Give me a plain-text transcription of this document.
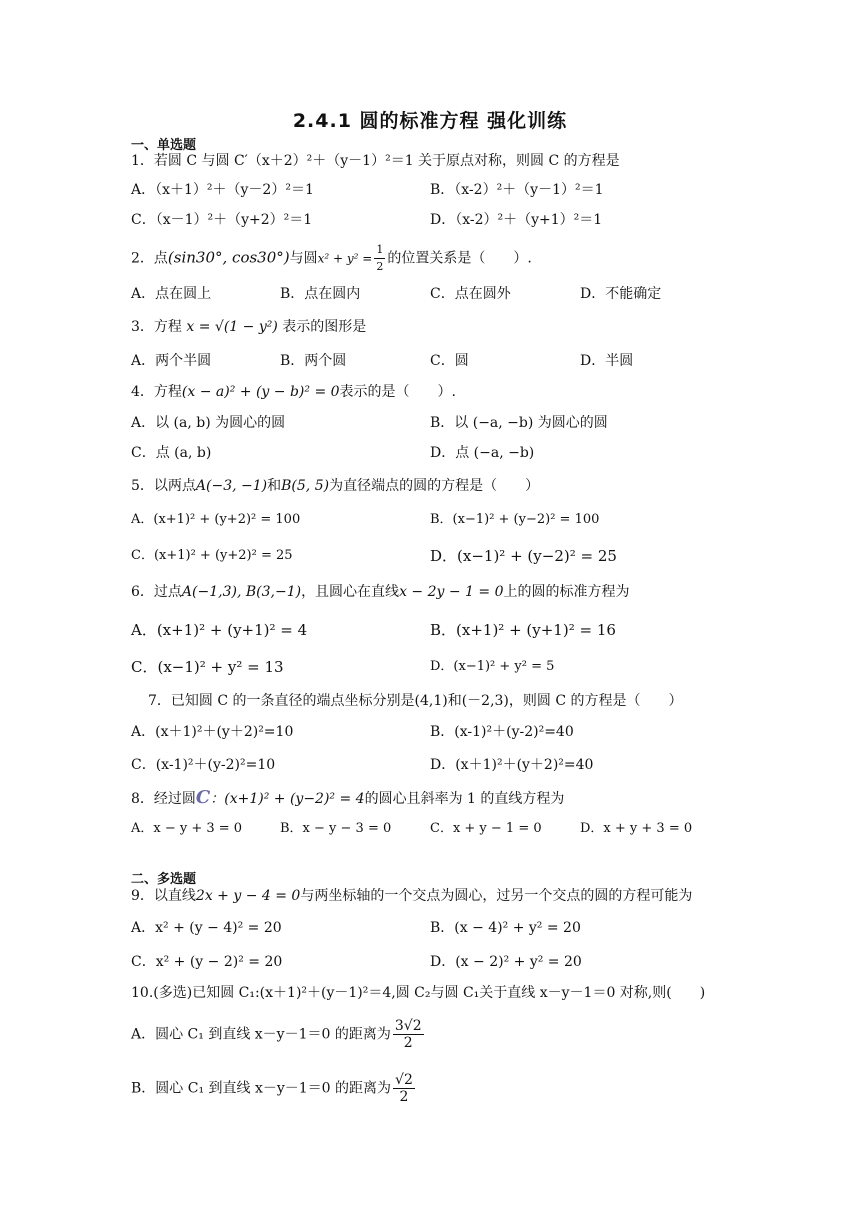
2.4.1 圆的标准方程 强化训练
一、单选题
1．若圆 C 与圆 C′（x＋2）²＋（y－1）²＝1 关于原点对称，则圆 C 的方程是
A．（x＋1）²＋（y－2）²＝1	B．（x-2）²＋（y－1）²＝1
C．（x－1）²＋（y+2）²＝1	D．（x-2）²＋（y+1）²＝1
2．点(sin30°, cos30°)与圆$x^2 + y^2 = \frac{1}{2}$ 的位置关系是（　　）.
A．点在圆上	B．点在圆内	C．点在圆外	D．不能确定
3．方程 x = √(1 − y²) 表示的图形是
A．两个半圆	B．两个圆	C．圆	D．半圆
4．方程(x − a)² + (y − b)² = 0表示的是（　　）.
A．以 (a, b) 为圆心的圆	B．以 (−a, −b) 为圆心的圆
C．点 (a, b)	D．点 (−a, −b)
5．以两点A(−3, −1)和B(5, 5)为直径端点的圆的方程是（　　）
A．(x+1)² + (y+2)² = 100	B．(x−1)² + (y−2)² = 100
C．(x+1)² + (y+2)² = 25	D．(x−1)² + (y−2)² = 25
6．过点A(−1,3), B(3,−1)，且圆心在直线x − 2y − 1 = 0上的圆的标准方程为
A．(x+1)² + (y+1)² = 4	B．(x+1)² + (y+1)² = 16
C．(x−1)² + y² = 13	D．(x−1)² + y² = 5
7．已知圆 C 的一条直径的端点坐标分别是(4,1)和(－2,3)，则圆 C 的方程是（　　）
A．(x＋1)²＋(y＋2)²=10	B．(x-1)²＋(y-2)²=40
C．(x-1)²＋(y-2)²=10	D．(x＋1)²＋(y＋2)²=40
8．经过圆C：(x+1)² + (y−2)² = 4的圆心且斜率为 1 的直线方程为
A．x − y + 3 = 0	B．x − y − 3 = 0	C．x + y − 1 = 0	D．x + y + 3 = 0
二、多选题
9．以直线2x + y − 4 = 0与两坐标轴的一个交点为圆心，过另一个交点的圆的方程可能为
A．x² + (y − 4)² = 20	B．(x − 4)² + y² = 20
C．x² + (y − 2)² = 20	D．(x − 2)² + y² = 20
10.(多选)已知圆 C₁:(x＋1)²＋(y－1)²＝4,圆 C₂与圆 C₁关于直线 x－y－1＝0 对称,则(　　)
A．圆心 C₁ 到直线 x－y－1＝0 的距离为 $\frac{3√2}{2}$
B．圆心 C₁ 到直线 x－y－1＝0 的距离为 $\frac{√2}{2}$
